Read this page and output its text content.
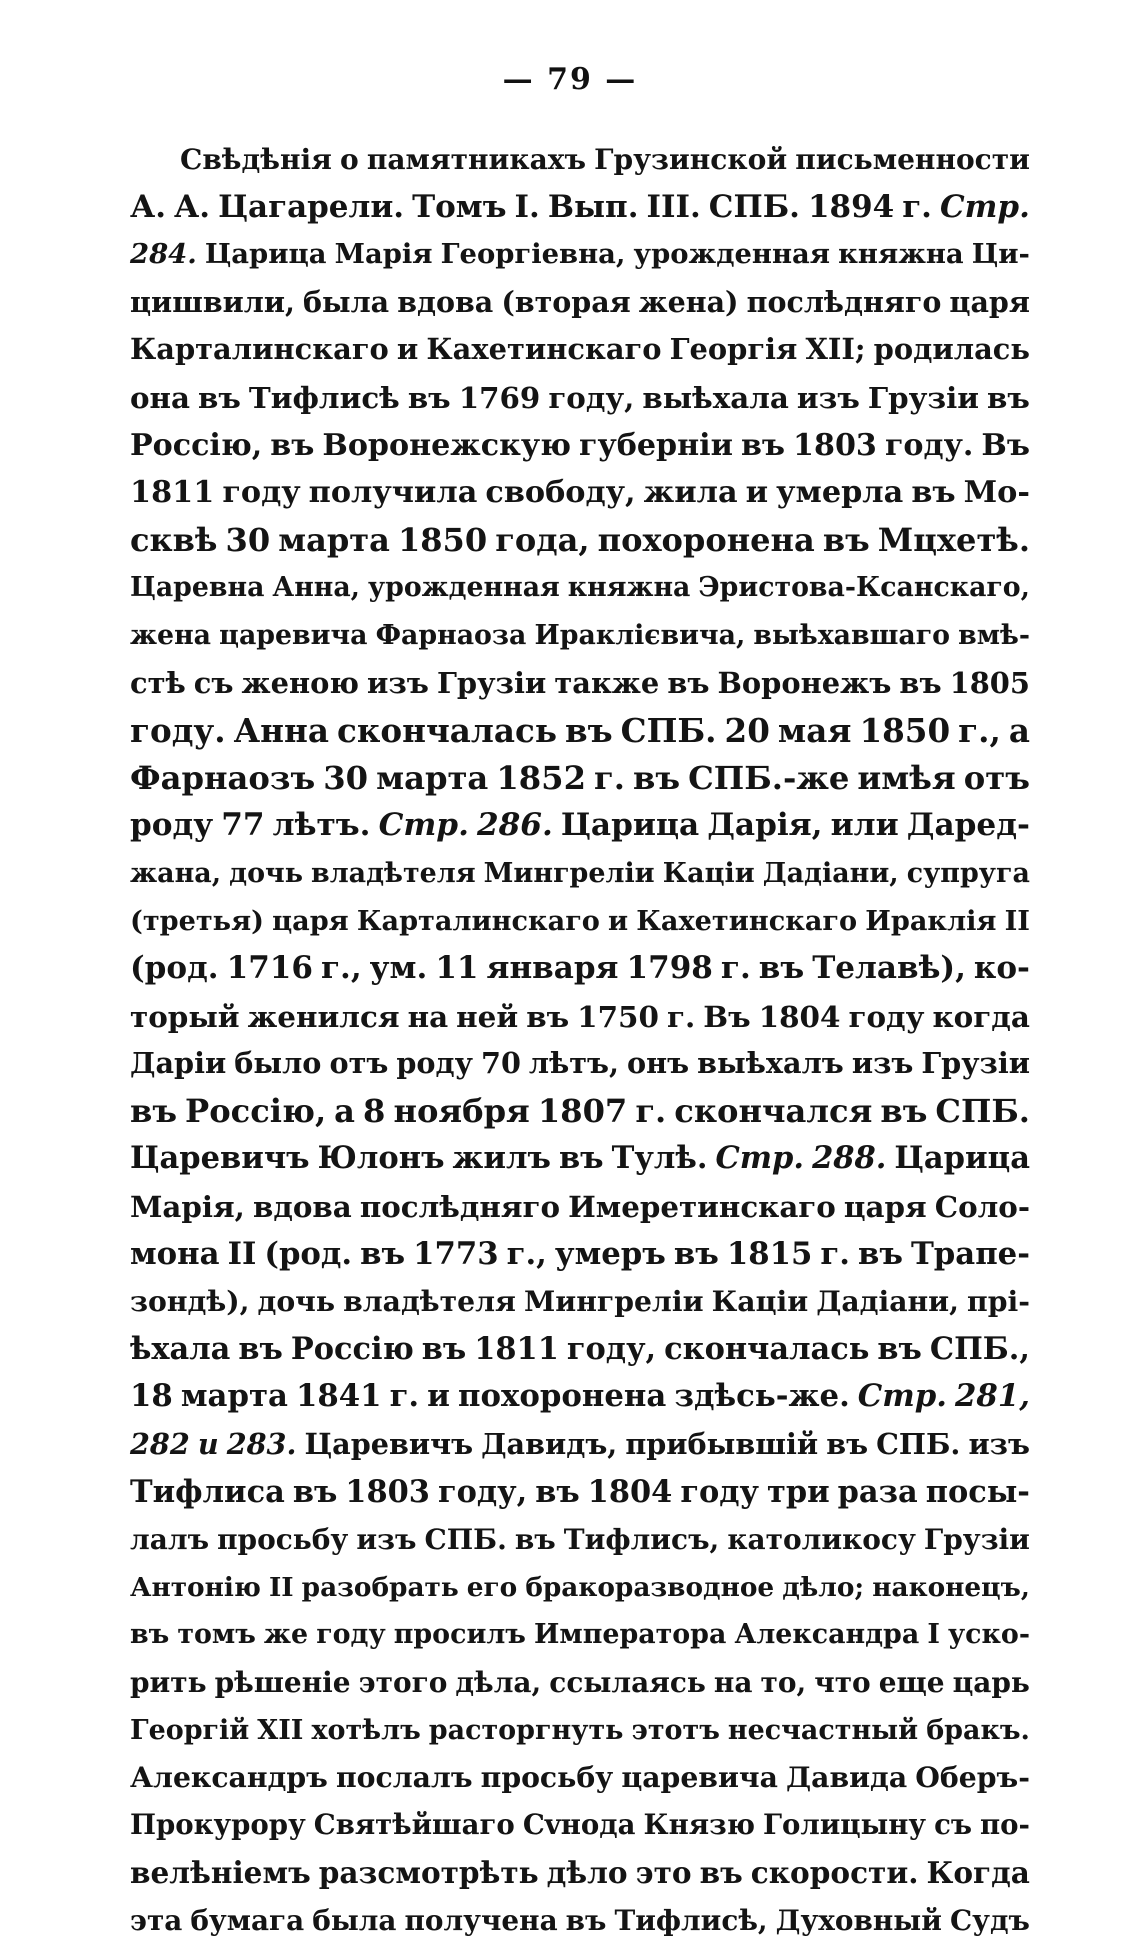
— 79 —
Свѣдѣнія о памятникахъ Грузинской письменности
А. А. Цагарели. Томъ I. Вып. III. СПБ. 1894 г. Стр.
284. Царица Марія Георгіевна, урожденная княжна Ци-
цишвили, была вдова (вторая жена) послѣдняго царя
Карталинскаго и Кахетинскаго Георгія XII; родилась
она въ Тифлисѣ въ 1769 году, выѣхала изъ Грузіи въ
Россію, въ Воронежскую губерніи въ 1803 году. Въ
1811 году получила свободу, жила и умерла въ Мо-
сквѣ 30 марта 1850 года, похоронена въ Мцхетѣ.
Царевна Анна, урожденная княжна Эристова-Ксанскаго,
жена царевича Фарнаоза Ираклієвича, выѣхавшаго вмѣ-
стѣ съ женою изъ Грузіи также въ Воронежъ въ 1805
году. Анна скончалась въ СПБ. 20 мая 1850 г., а
Фарнаозъ 30 марта 1852 г. въ СПБ.-же имѣя отъ
роду 77 лѣтъ. Стр. 286. Царица Дарія, или Даред-
жана, дочь владѣтеля Мингреліи Каціи Дадіани, супруга
(третья) царя Карталинскаго и Кахетинскаго Ираклія II
(род. 1716 г., ум. 11 января 1798 г. въ Телавѣ), ко-
торый женился на ней въ 1750 г. Въ 1804 году когда
Даріи было отъ роду 70 лѣтъ, онъ выѣхалъ изъ Грузіи
въ Россію, а 8 ноября 1807 г. скончался въ СПБ.
Царевичъ Юлонъ жилъ въ Тулѣ. Стр. 288. Царица
Марія, вдова послѣдняго Имеретинскаго царя Соло-
мона II (род. въ 1773 г., умеръ въ 1815 г. въ Трапе-
зондѣ), дочь владѣтеля Мингреліи Каціи Дадіани, прі-
ѣхала въ Россію въ 1811 году, скончалась въ СПБ.,
18 марта 1841 г. и похоронена здѣсь-же. Стр. 281,
282 и 283. Царевичъ Давидъ, прибывшій въ СПБ. изъ
Тифлиса въ 1803 году, въ 1804 году три раза посы-
лалъ просьбу изъ СПБ. въ Тифлисъ, католикосу Грузіи
Антонію II разобрать его бракоразводное дѣло; наконецъ,
въ томъ же году просилъ Императора Александра I уско-
рить рѣшеніе этого дѣла, ссылаясь на то, что еще царь
Георгій XII хотѣлъ расторгнуть этотъ несчастный бракъ.
Александръ послалъ просьбу царевича Давида Оберъ-
Прокурору Святѣйшаго Сvнода Князю Голицыну съ по-
велѣніемъ разсмотрѣть дѣло это въ скорости. Когда
эта бумага была получена въ Тифлисѣ, Духовный Судъ
